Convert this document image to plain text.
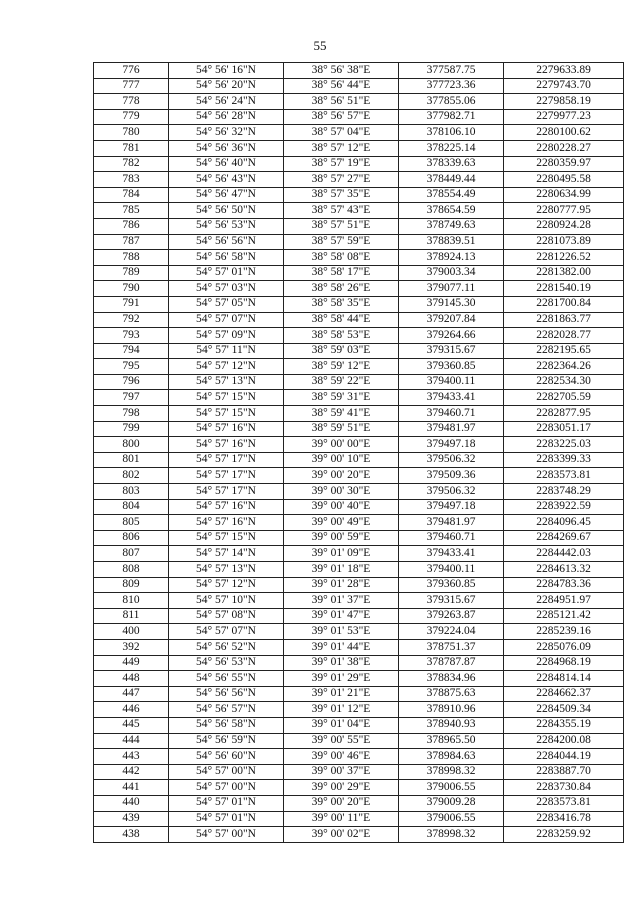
55
776	54° 56' 16"N	38° 56' 38"E	377587.75	2279633.89
777	54° 56' 20"N	38° 56' 44"E	377723.36	2279743.70
778	54° 56' 24"N	38° 56' 51"E	377855.06	2279858.19
779	54° 56' 28"N	38° 56' 57"E	377982.71	2279977.23
780	54° 56' 32"N	38° 57' 04"E	378106.10	2280100.62
781	54° 56' 36"N	38° 57' 12"E	378225.14	2280228.27
782	54° 56' 40"N	38° 57' 19"E	378339.63	2280359.97
783	54° 56' 43"N	38° 57' 27"E	378449.44	2280495.58
784	54° 56' 47"N	38° 57' 35"E	378554.49	2280634.99
785	54° 56' 50"N	38° 57' 43"E	378654.59	2280777.95
786	54° 56' 53"N	38° 57' 51"E	378749.63	2280924.28
787	54° 56' 56"N	38° 57' 59"E	378839.51	2281073.89
788	54° 56' 58"N	38° 58' 08"E	378924.13	2281226.52
789	54° 57' 01"N	38° 58' 17"E	379003.34	2281382.00
790	54° 57' 03"N	38° 58' 26"E	379077.11	2281540.19
791	54° 57' 05"N	38° 58' 35"E	379145.30	2281700.84
792	54° 57' 07"N	38° 58' 44"E	379207.84	2281863.77
793	54° 57' 09"N	38° 58' 53"E	379264.66	2282028.77
794	54° 57' 11"N	38° 59' 03"E	379315.67	2282195.65
795	54° 57' 12"N	38° 59' 12"E	379360.85	2282364.26
796	54° 57' 13"N	38° 59' 22"E	379400.11	2282534.30
797	54° 57' 15"N	38° 59' 31"E	379433.41	2282705.59
798	54° 57' 15"N	38° 59' 41"E	379460.71	2282877.95
799	54° 57' 16"N	38° 59' 51"E	379481.97	2283051.17
800	54° 57' 16"N	39° 00' 00"E	379497.18	2283225.03
801	54° 57' 17"N	39° 00' 10"E	379506.32	2283399.33
802	54° 57' 17"N	39° 00' 20"E	379509.36	2283573.81
803	54° 57' 17"N	39° 00' 30"E	379506.32	2283748.29
804	54° 57' 16"N	39° 00' 40"E	379497.18	2283922.59
805	54° 57' 16"N	39° 00' 49"E	379481.97	2284096.45
806	54° 57' 15"N	39° 00' 59"E	379460.71	2284269.67
807	54° 57' 14"N	39° 01' 09"E	379433.41	2284442.03
808	54° 57' 13"N	39° 01' 18"E	379400.11	2284613.32
809	54° 57' 12"N	39° 01' 28"E	379360.85	2284783.36
810	54° 57' 10"N	39° 01' 37"E	379315.67	2284951.97
811	54° 57' 08"N	39° 01' 47"E	379263.87	2285121.42
400	54° 57' 07"N	39° 01' 53"E	379224.04	2285239.16
392	54° 56' 52"N	39° 01' 44"E	378751.37	2285076.09
449	54° 56' 53"N	39° 01' 38"E	378787.87	2284968.19
448	54° 56' 55"N	39° 01' 29"E	378834.96	2284814.14
447	54° 56' 56"N	39° 01' 21"E	378875.63	2284662.37
446	54° 56' 57"N	39° 01' 12"E	378910.96	2284509.34
445	54° 56' 58"N	39° 01' 04"E	378940.93	2284355.19
444	54° 56' 59"N	39° 00' 55"E	378965.50	2284200.08
443	54° 56' 60"N	39° 00' 46"E	378984.63	2284044.19
442	54° 57' 00"N	39° 00' 37"E	378998.32	2283887.70
441	54° 57' 00"N	39° 00' 29"E	379006.55	2283730.84
440	54° 57' 01"N	39° 00' 20"E	379009.28	2283573.81
439	54° 57' 01"N	39° 00' 11"E	379006.55	2283416.78
438	54° 57' 00"N	39° 00' 02"E	378998.32	2283259.92
